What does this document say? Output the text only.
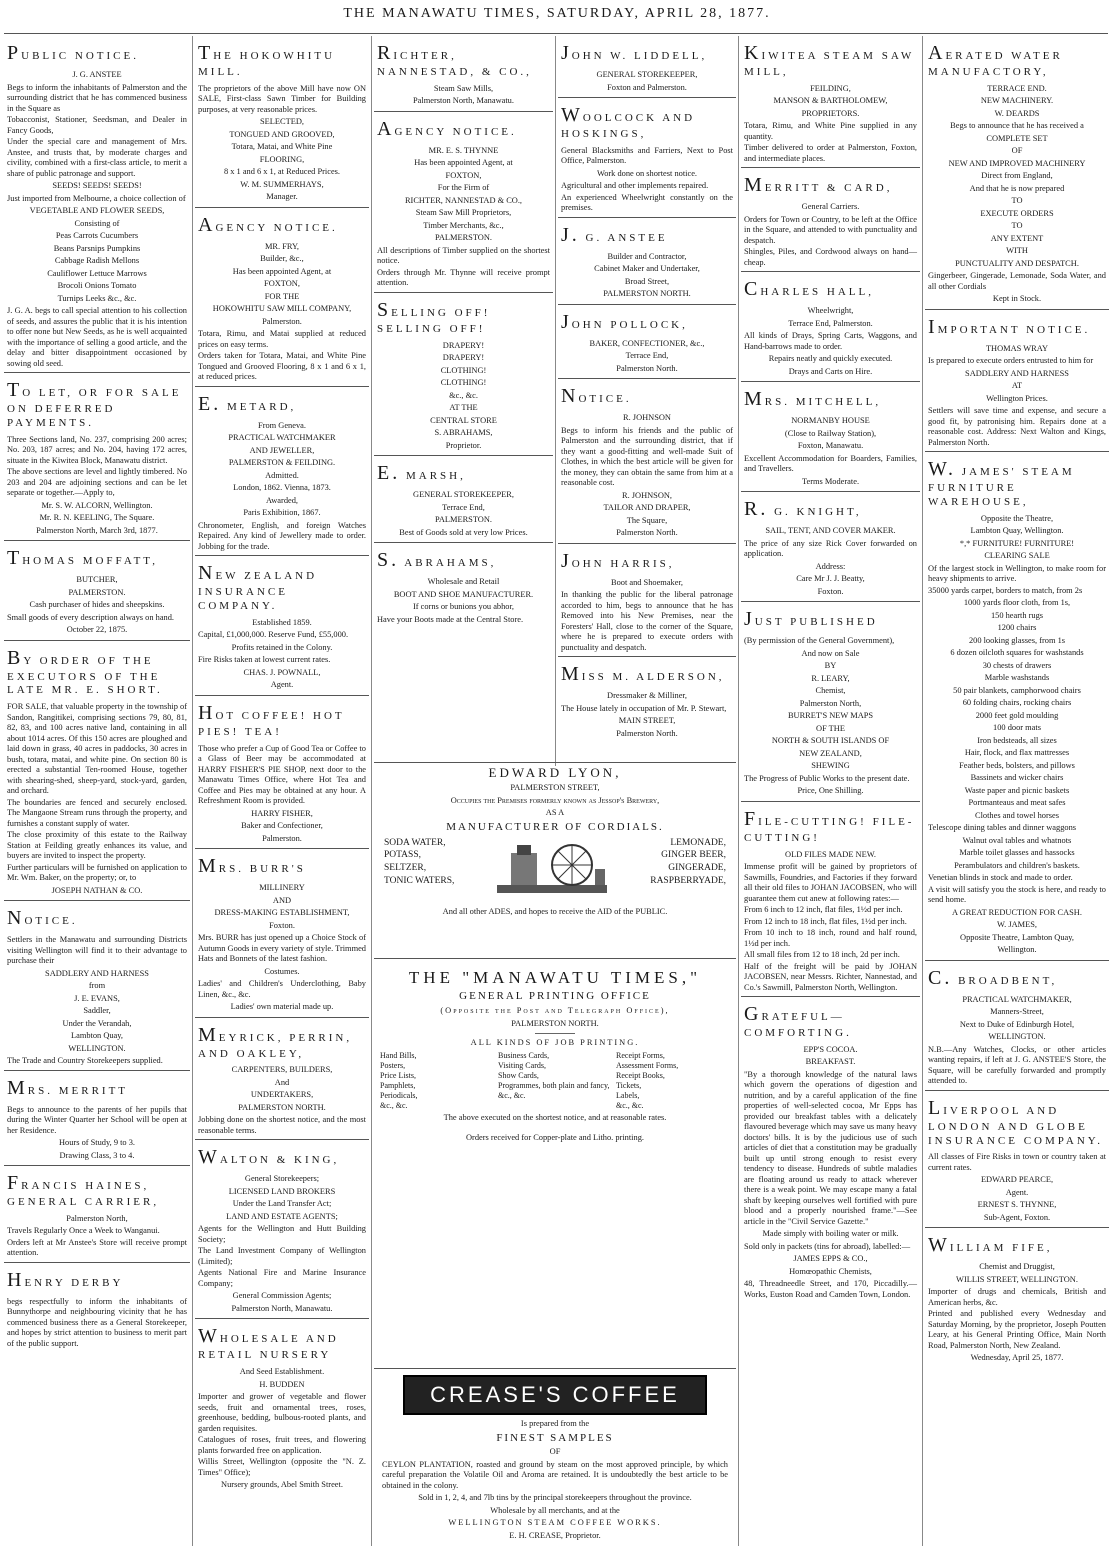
THE MANAWATU TIMES, SATURDAY, APRIL 28, 1877.
PUBLIC NOTICE.
J. G. ANSTEE
Begs to inform the inhabitants of Palmerston and the surrounding district that he has commenced business in the Square as
Tobacconist, Stationer, Seedsman, and Dealer in Fancy Goods,
Under the special care and management of Mrs. Anstee, and trusts that, by moderate charges and civility, combined with a first-class article, to merit a share of public patronage and support.
SEEDS! SEEDS! SEEDS!
Just imported from Melbourne, a choice collection of
VEGETABLE AND FLOWER SEEDS,
Consisting of
Peas Carrots Cucumbers
Beans Parsnips Pumpkins
Cabbage Radish Mellons
Cauliflower Lettuce Marrows
Brocoli Onions Tomato
Turnips Leeks &c., &c.
J. G. A. begs to call special attention to his collection of seeds, and assures the public that it is his intention to offer none but New Seeds, as he is well acquainted with the importance of selling a good article, and the delay and bitter disappointment occasioned by sowing old seed.
TO LET, OR FOR SALE ON DEFERRED PAYMENTS.
Three Sections land, No. 237, comprising 200 acres; No. 203, 187 acres; and No. 204, having 172 acres, situate in the Kiwitea Block, Manawatu district.
The above sections are level and lightly timbered. No 203 and 204 are adjoining sections and can be let separate or together.—Apply to,
Mr. S. W. ALCORN, Wellington.
Mr. R. N. KEELING, The Square.
Palmerston North, March 3rd, 1877.
THOMAS MOFFATT,
BUTCHER,
PALMERSTON.
Cash purchaser of hides and sheepskins.
Small goods of every description always on hand.
October 22, 1875.
BY ORDER OF THE EXECUTORS OF THE LATE MR. E. SHORT.
FOR SALE, that valuable property in the township of Sandon, Rangitikei, comprising sections 79, 80, 81, 82, 83, and 100 acres native land, containing in all about 1014 acres. Of this 150 acres are ploughed and laid down in grass, 40 acres in paddocks, 30 acres in bush, totara, matai, and white pine. On section 80 is erected a substantial Ten-roomed House, together with shearing-shed, sheep-yard, stock-yard, garden, and orchard.
The boundaries are fenced and securely enclosed. The Mangaone Stream runs through the property, and furnishes a constant supply of water.
The close proximity of this estate to the Railway Station at Feilding greatly enhances its value, and buyers are invited to inspect the property.
Further particulars will be furnished on application to Mr. Wm. Baker, on the property; or, to
JOSEPH NATHAN & CO.
NOTICE.
Settlers in the Manawatu and surrounding Districts visiting Wellington will find it to their advantage to purchase their
SADDLERY AND HARNESS
from
J. E. EVANS,
Saddler,
Under the Verandah,
Lambton Quay,
WELLINGTON.
The Trade and Country Storekeepers supplied.
MRS. MERRITT
Begs to announce to the parents of her pupils that during the Winter Quarter her School will be open at her Residence.
Hours of Study, 9 to 3.
Drawing Class, 3 to 4.
FRANCIS HAINES, GENERAL CARRIER,
Palmerston North,
Travels Regularly Once a Week to Wanganui.
Orders left at Mr Anstee's Store will receive prompt attention.
HENRY DERBY
begs respectfully to inform the inhabitants of Bunnythorpe and neighbouring vicinity that he has commenced business there as a General Storekeeper, and hopes by strict attention to business to merit part of the public support.
THE HOKOWHITU MILL.
The proprietors of the above Mill have now ON SALE, First-class Sawn Timber for Building purposes, at very reasonable prices.
SELECTED,
TONGUED AND GROOVED,
Totara, Matai, and White Pine
FLOORING,
8 x 1 and 6 x 1, at Reduced Prices.
W. M. SUMMERHAYS,
Manager.
AGENCY NOTICE.
MR. FRY,
Builder, &c.,
Has been appointed Agent, at
FOXTON,
FOR THE
HOKOWHITU SAW MILL COMPANY,
Palmerston.
Totara, Rimu, and Matai supplied at reduced prices on easy terms.
Orders taken for Totara, Matai, and White Pine Tongued and Grooved Flooring, 8 x 1 and 6 x 1, at reduced prices.
E. METARD,
From Geneva.
PRACTICAL WATCHMAKER
AND JEWELLER,
PALMERSTON & FEILDING.
Admitted.
London, 1862. Vienna, 1873.
Awarded,
Paris Exhibition, 1867.
Chronometer, English, and foreign Watches Repaired. Any kind of Jewellery made to order. Jobbing for the trade.
NEW ZEALAND INSURANCE COMPANY.
Established 1859.
Capital, £1,000,000. Reserve Fund, £55,000.
Profits retained in the Colony.
Fire Risks taken at lowest current rates.
CHAS. J. POWNALL,
Agent.
HOT COFFEE! HOT PIES! TEA!
Those who prefer a Cup of Good Tea or Coffee to a Glass of Beer may be accommodated at HARRY FISHER'S PIE SHOP, next door to the Manawatu Times Office, where Hot Tea and Coffee and Pies may be obtained at any hour. A Refreshment Room is provided.
HARRY FISHER,
Baker and Confectioner,
Palmerston.
MRS. BURR'S
MILLINERY
AND
DRESS-MAKING ESTABLISHMENT,
Foxton.
Mrs. BURR has just opened up a Choice Stock of Autumn Goods in every variety of style. Trimmed Hats and Bonnets of the latest fashion.
Costumes.
Ladies' and Children's Underclothing, Baby Linen, &c., &c.
Ladies' own material made up.
MEYRICK, PERRIN, AND OAKLEY,
CARPENTERS, BUILDERS,
And
UNDERTAKERS,
PALMERSTON NORTH.
Jobbing done on the shortest notice, and the most reasonable terms.
WALTON & KING,
General Storekeepers;
LICENSED LAND BROKERS
Under the Land Transfer Act;
LAND AND ESTATE AGENTS;
Agents for the Wellington and Hutt Building Society;
The Land Investment Company of Wellington (Limited);
Agents National Fire and Marine Insurance Company;
General Commission Agents;
Palmerston North, Manawatu.
WHOLESALE AND RETAIL NURSERY
And Seed Establishment.
H. BUDDEN
Importer and grower of vegetable and flower seeds, fruit and ornamental trees, roses, greenhouse, bedding, bulbous-rooted plants, and garden requisites.
Catalogues of roses, fruit trees, and flowering plants forwarded free on application.
Willis Street, Wellington (opposite the "N. Z. Times" Office);
Nursery grounds, Abel Smith Street.
RICHTER, NANNESTAD, & CO.,
Steam Saw Mills,
Palmerston North, Manawatu.
AGENCY NOTICE.
MR. E. S. THYNNE
Has been appointed Agent, at
FOXTON,
For the Firm of
RICHTER, NANNESTAD & CO.,
Steam Saw Mill Proprietors,
Timber Merchants, &c.,
PALMERSTON.
All descriptions of Timber supplied on the shortest notice.
Orders through Mr. Thynne will receive prompt attention.
SELLING OFF! SELLING OFF!
DRAPERY!
DRAPERY!
CLOTHING!
CLOTHING!
&c., &c.
AT THE
CENTRAL STORE
S. ABRAHAMS,
Proprietor.
E. MARSH,
GENERAL STOREKEEPER,
Terrace End,
PALMERSTON.
Best of Goods sold at very low Prices.
S. ABRAHAMS,
Wholesale and Retail
BOOT AND SHOE MANUFACTURER.
If corns or bunions you abhor,
Have your Boots made at the Central Store.
JOHN W. LIDDELL,
GENERAL STOREKEEPER,
Foxton and Palmerston.
WOOLCOCK AND HOSKINGS,
General Blacksmiths and Farriers, Next to Post Office, Palmerston.
Work done on shortest notice.
Agricultural and other implements repaired.
An experienced Wheelwright constantly on the premises.
J. G. ANSTEE
Builder and Contractor,
Cabinet Maker and Undertaker,
Broad Street,
PALMERSTON NORTH.
JOHN POLLOCK,
BAKER, CONFECTIONER, &c.,
Terrace End,
Palmerston North.
NOTICE.
R. JOHNSON
Begs to inform his friends and the public of Palmerston and the surrounding district, that if they want a good-fitting and well-made Suit of Clothes, in which the best article will be given for the money, they can obtain the same from him at a reasonable cost.
R. JOHNSON,
TAILOR AND DRAPER,
The Square,
Palmerston North.
JOHN HARRIS,
Boot and Shoemaker,
In thanking the public for the liberal patronage accorded to him, begs to announce that he has Removed into his New Premises, near the Foresters' Hall, close to the corner of the Square, where he is prepared to execute orders with punctuality and despatch.
MISS M. ALDERSON,
Dressmaker & Milliner,
The House lately in occupation of Mr. P. Stewart,
MAIN STREET,
Palmerston North.
EDWARD LYON,
PALMERSTON STREET,
Occupies the Premises formerly known as Jessop's Brewery,
AS A
MANUFACTURER OF CORDIALS.
SODA WATER,
POTASS,
SELTZER,
TONIC WATERS,
LEMONADE,
GINGER BEER,
GINGERADE,
RASPBERRYADE,
And all other ADES, and hopes to receive the AID of the PUBLIC.
THE "MANAWATU TIMES,"
GENERAL PRINTING OFFICE
(Opposite the Post and Telegraph Office),
PALMERSTON NORTH.
ALL KINDS OF JOB PRINTING.
Hand Bills,
Posters,
Price Lists,
Pamphlets,
Periodicals,
&c., &c.
Business Cards,
Visiting Cards,
Show Cards,
Programmes, both plain and fancy,
&c., &c.
Receipt Forms,
Assessment Forms,
Receipt Books,
Tickets,
Labels,
&c., &c.
The above executed on the shortest notice, and at reasonable rates.
Orders received for Copper-plate and Litho. printing.
CREASE'S COFFEE
Is prepared from the
FINEST SAMPLES
OF
CEYLON PLANTATION, roasted and ground by steam on the most approved principle, by which careful preparation the Volatile Oil and Aroma are retained. It is undoubtedly the best article to be obtained in the colony.
Sold in 1, 2, 4, and 7lb tins by the principal storekeepers throughout the province.
Wholesale by all merchants, and at the
WELLINGTON STEAM COFFEE WORKS.
E. H. CREASE, Proprietor.
KIWITEA STEAM SAW MILL,
FEILDING,
MANSON & BARTHOLOMEW,
PROPRIETORS.
Totara, Rimu, and White Pine supplied in any quantity.
Timber delivered to order at Palmerston, Foxton, and intermediate places.
MERRITT & CARD,
General Carriers.
Orders for Town or Country, to be left at the Office in the Square, and attended to with punctuality and despatch.
Shingles, Piles, and Cordwood always on hand—cheap.
CHARLES HALL,
Wheelwright,
Terrace End, Palmerston.
All kinds of Drays, Spring Carts, Waggons, and Hand-barrows made to order.
Repairs neatly and quickly executed.
Drays and Carts on Hire.
MRS. MITCHELL,
NORMANBY HOUSE
(Close to Railway Station),
Foxton, Manawatu.
Excellent Accommodation for Boarders, Families, and Travellers.
Terms Moderate.
R. G. KNIGHT,
SAIL, TENT, AND COVER MAKER.
The price of any size Rick Cover forwarded on application.
Address:
Care Mr J. J. Beatty,
Foxton.
JUST PUBLISHED
(By permission of the General Government),
And now on Sale
BY
R. LEARY,
Chemist,
Palmerston North,
BURRET'S NEW MAPS
OF THE
NORTH & SOUTH ISLANDS OF
NEW ZEALAND,
SHEWING
The Progress of Public Works to the present date.
Price, One Shilling.
FILE-CUTTING! FILE-CUTTING!
OLD FILES MADE NEW.
Immense profit will be gained by proprietors of Sawmills, Foundries, and Factories if they forward all their old files to JOHAN JACOBSEN, who will guarantee them cut anew at following rates:—
From 6 inch to 12 inch, flat files, 1½d per inch.
From 12 inch to 18 inch, flat files, 1½d per inch.
From 10 inch to 18 inch, round and half round, 1½d per inch.
All small files from 12 to 18 inch, 2d per inch.
Half of the freight will be paid by JOHAN JACOBSEN, near Messrs. Richter, Nannestad, and Co.'s Sawmill, Palmerston North, Wellington.
GRATEFUL—COMFORTING.
EPP'S COCOA.
BREAKFAST.
"By a thorough knowledge of the natural laws which govern the operations of digestion and nutrition, and by a careful application of the fine properties of well-selected cocoa, Mr Epps has provided our breakfast tables with a delicately flavoured beverage which may save us many heavy doctors' bills. It is by the judicious use of such articles of diet that a constitution may be gradually built up until strong enough to resist every tendency to disease. Hundreds of subtle maladies are floating around us ready to attack wherever there is a weak point. We may escape many a fatal shaft by keeping ourselves well fortified with pure blood and a properly nourished frame."—See article in the "Civil Service Gazette."
Made simply with boiling water or milk.
Sold only in packets (tins for abroad), labelled:—
JAMES EPPS & CO.,
Homœopathic Chemists,
48, Threadneedle Street, and 170, Piccadilly.—Works, Euston Road and Camden Town, London.
AERATED WATER MANUFACTORY,
TERRACE END.
NEW MACHINERY.
W. DEARDS
Begs to announce that he has received a
COMPLETE SET
OF
NEW AND IMPROVED MACHINERY
Direct from England,
And that he is now prepared
TO
EXECUTE ORDERS
TO
ANY EXTENT
WITH
PUNCTUALITY AND DESPATCH.
Gingerbeer, Gingerade, Lemonade, Soda Water, and all other Cordials
Kept in Stock.
IMPORTANT NOTICE.
THOMAS WRAY
Is prepared to execute orders entrusted to him for
SADDLERY AND HARNESS
AT
Wellington Prices.
Settlers will save time and expense, and secure a good fit, by patronising him. Repairs done at a reasonable cost. Address: Next Walton and Kings, Palmerston North.
W. JAMES' STEAM FURNITURE WAREHOUSE,
Opposite the Theatre,
Lambton Quay, Wellington.
*,* FURNITURE! FURNITURE!
CLEARING SALE
Of the largest stock in Wellington, to make room for heavy shipments to arrive.
35000 yards carpet, borders to match, from 2s
1000 yards floor cloth, from 1s,
150 hearth rugs
1200 chairs
200 looking glasses, from 1s
6 dozen oilcloth squares for washstands
30 chests of drawers
Marble washstands
50 pair blankets, camphorwood chairs
60 folding chairs, rocking chairs
2000 feet gold moulding
100 door mats
Iron bedsteads, all sizes
Hair, flock, and flax mattresses
Feather beds, bolsters, and pillows
Bassinets and wicker chairs
Waste paper and picnic baskets
Portmanteaus and meat safes
Clothes and towel horses
Telescope dining tables and dinner waggons
Walnut oval tables and whatnots
Marble toilet glasses and hassocks
Perambulators and children's baskets.
Venetian blinds in stock and made to order.
A visit will satisfy you the stock is here, and ready to send home.
A GREAT REDUCTION FOR CASH.
W. JAMES,
Opposite Theatre, Lambton Quay,
Wellington.
C. BROADBENT,
PRACTICAL WATCHMAKER,
Manners-Street,
Next to Duke of Edinburgh Hotel,
WELLINGTON.
N.B.—Any Watches, Clocks, or other articles wanting repairs, if left at J. G. ANSTEE'S Store, the Square, will be carefully forwarded and promptly attended to.
LIVERPOOL AND LONDON AND GLOBE INSURANCE COMPANY.
All classes of Fire Risks in town or country taken at current rates.
EDWARD PEARCE,
Agent.
ERNEST S. THYNNE,
Sub-Agent, Foxton.
WILLIAM FIFE,
Chemist and Druggist,
WILLIS STREET, WELLINGTON.
Importer of drugs and chemicals, British and American herbs, &c.
Printed and published every Wednesday and Saturday Morning, by the proprietor, Joseph Poutten Leary, at his General Printing Office, Main North Road, Palmerston North, New Zealand.
Wednesday, April 25, 1877.
